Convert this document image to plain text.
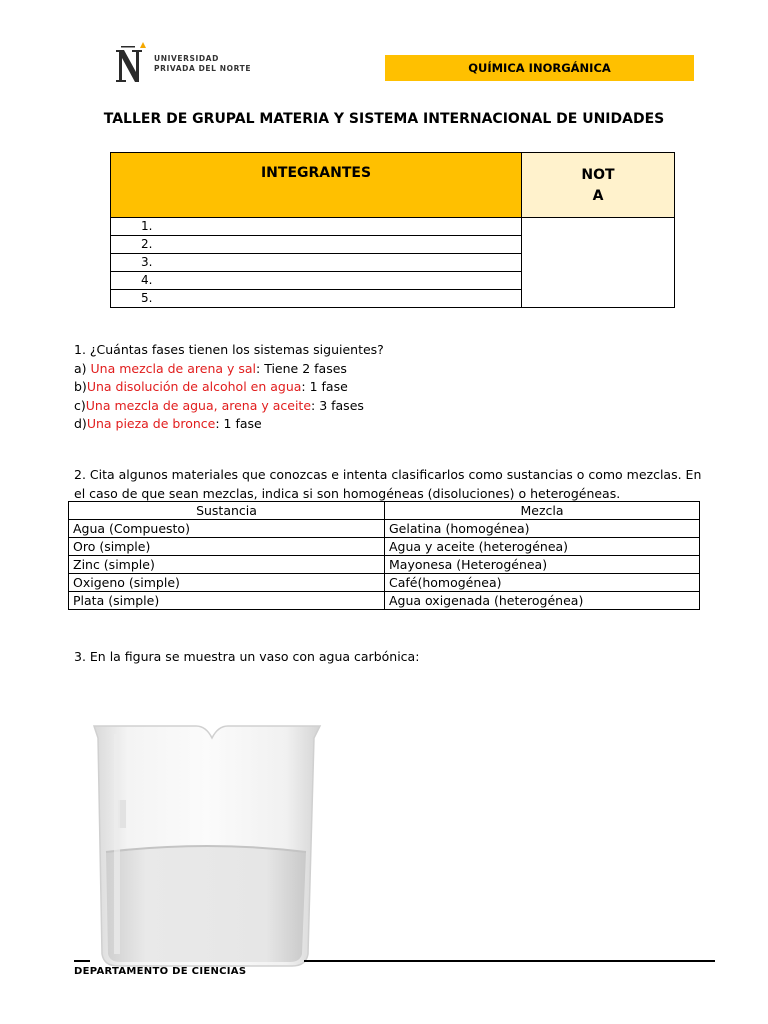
UNIVERSIDAD
PRIVADA DEL NORTE	QUÍMICA INORGÁNICA
TALLER DE GRUPAL MATERIA Y SISTEMA INTERNACIONAL DE UNIDADES
INTEGRANTES	NOT
A

1.	
2.	
3.	
4.	
5.	
1. ¿Cuántas fases tienen los sistemas siguientes?
a) Una mezcla de arena y sal: Tiene 2 fases
b)Una disolución de alcohol en agua: 1 fase
c)Una mezcla de agua, arena y aceite: 3 fases
d)Una pieza de bronce: 1 fase
2. Cita algunos materiales que conozcas e intenta clasificarlos como sustancias o como mezclas. En
el caso de que sean mezclas, indica si son homogéneas (disoluciones) o heterogéneas.
Sustancia	Mezcla
Agua (Compuesto)	Gelatina (homogénea)
Oro (simple)	Agua y aceite (heterogénea)
Zinc (simple)	Mayonesa (Heterogénea)
Oxigeno (simple)	Café(homogénea)
Plata (simple)	Agua oxigenada (heterogénea)
3. En la figura se muestra un vaso con agua carbónica:
DEPARTAMENTO DE CIENCIAS
